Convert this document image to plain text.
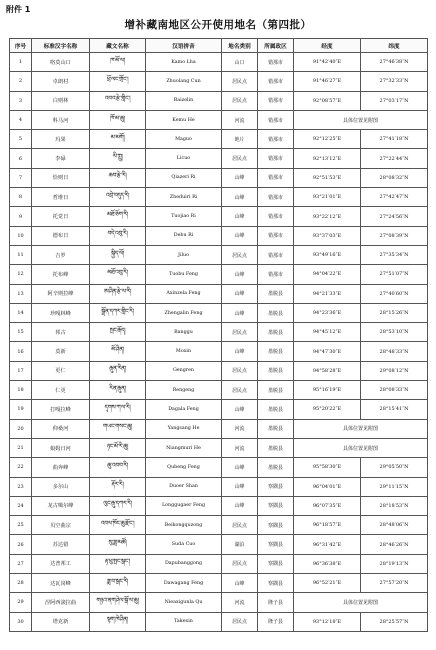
附件 1
增补藏南地区公开使用地名（第四批）
序号	标准汉字名称	藏文名称	汉语拼音	地名类别	所属政区	经度	纬度
1	咯莫山口	ཁ་མོ་ལ།	Kamo Lha	山口	错那市	91°42′40″E	27°46′38″N
2	卓朗村	ཕྲོ་ལང་གྲོང་།	Zhuolang Cun	居民点	错那市	91°46′27″E	27°32′33″N
3	白则林	འབའ་རྩེ་གླིང་།	Baizelin	居民点	错那市	92°08′57″E	27°03′17″N
4	科马河	ཁོ་མ་ཆུ།	Kemu He	河流	错那市	具体位置见附图	
5	玛果	མ་མགོ།	Maguo	地片	错那市	92°12′25″E	27°41′18″N
6	李碌	ལི་ཀླུ།	Licuo	居民点	错那市	92°13′12″E	27°22′44″N
7	恰则日	ཆབ་རྩེ་རི།	Qiazeri Ri	山峰	错那市	92°51′53″E	28°08′32″N
8	哲堆日	འབྲེ་བདུད་རི།	Zheduiri Ri	山峰	错那市	93°21′01″E	27°42′47″N
9	托觉日	མཐོ་ཅོག་རི།	Tuojiao Ri	山峰	错那市	93°22′12″E	27°24′56″N
10	德布日	བདེ་འབུ་རི།	Debu Ri	山峰	错那市	93°37′03″E	27°08′39″N
11	吉罗	སྐྱིད་ལོ།	Jiluo	居民点	错那市	93°49′16″E	27°35′34″N
12	托布峰	མཐོ་འབུ་རི།	Tuobu Feng	山峰	错那市	94°04′22″E	27°51′07″N
13	阿辛则拉峰	ཨ་ཤིན་རྩེ་ལ་རི།	Axinzela Feng	山峰	墨脱县	94°21′33″E	27°40′60″N
14	珍嘎林峰	སྒྲོན་དཀར་གླིང་རི།	Zhengalin Feng	山峰	墨脱县	94°23′36″E	28°15′26″N
15	邦古	སྤང་རྒོད།	Banggu	居民点	墨脱县	94°45′12″E	28°53′10″N
16	莫新	མོ་ཤིན།	Moxin	山峰	墨脱县	94°47′30″E	28°48′33″N
17	更仁	རྒུན་རིན།	Gengren	居民点	墨脱县	94°58′28″E	29°08′12″N
18	仁更	རིན་རྒུན།	Rengeng	居民点	墨脱县	95°16′19″E	28°08′33″N
19	打嘎拉峰	དྭགས་ཀ་ལ་རི།	Dagala Feng	山峰	墨脱县	95°20′22″E	28°15′41″N
20	仰桑河	གཡང་གསང་ཆུ།	Yangsang He	河流	墨脱县	具体位置见附图	
21	娘姆日河	ཉང་མོ་རི་ཆུ།	Niangmuri He	河流	墨脱县	具体位置见附图	
22	曲奔峰	ཆུ་འབབ་རི།	Qubeng Feng	山峰	墨脱县	95°58′30″E	29°05′50″N
23	多尔山	རྡོར་རི།	Duoer Shan	山峰	察隅县	96°04′01″E	29°11′15″N
24	龙古噶尔峰	ལུང་རྒུ་དཀར་རི།	Longgugaer Feng	山峰	察隅县	96°07′35″E	28°18′53″N
25	贝空曲宗	འབལ་ཁོང་ཆུ་རྫོང་།	Beikongquzong	居民点	察隅县	96°18′57″E	28°48′06″N
26	苏达错	སུ་ཟླ་མཚོ།	Suda Cuo	湖泊	察隅县	96°31′42″E	28°46′26″N
27	达普邦工	རྟ་ཕུ་སྤང་སྒང་།	Dapubanggong	居民点	察隅县	96°36′38″E	28°19′13″N
28	达瓦岗峰	ཟླ་བ་སྒང་རི།	Dawagang Feng	山峰	察隅县	96°52′21″E	27°57′20″N
29	涅阿西滚拉曲	གཉའ་ནག་ཤེལ་སྒོ་ལ་ཆུ།	Nieaxigunla Qu	河流	隆子县	具体位置见附图	
30	塔克新	སྟག་ཁེ་ཤིན།	Takexin	居民点	隆子县	93°12′18″E	28°25′57″N
